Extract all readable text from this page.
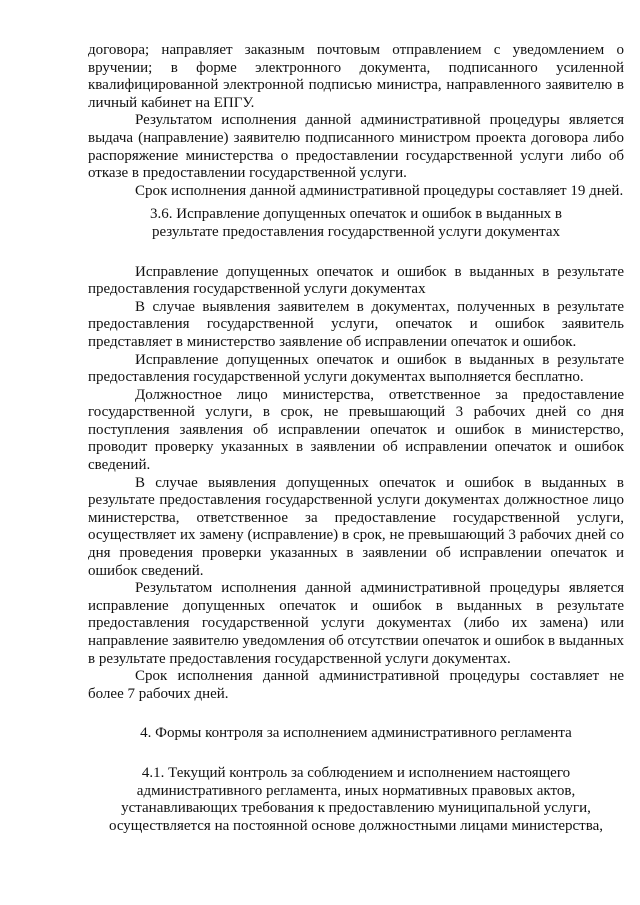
договора; направляет заказным почтовым отправлением с уведомлением о вручении; в форме электронного документа, подписанного усиленной квалифицированной электронной подписью министра, направленного заявителю в личный кабинет на ЕПГУ.

Результатом исполнения данной административной процедуры является выдача (направление) заявителю подписанного министром проекта договора либо распоряжение министерства о предоставлении государственной услуги либо об отказе в предоставлении государственной услуги.

Срок исполнения данной административной процедуры составляет 19 дней.

3.6. Исправление допущенных опечаток и ошибок в выданных в результате предоставления государственной услуги документах

Исправление допущенных опечаток и ошибок в выданных в результате предоставления государственной услуги документах

В случае выявления заявителем в документах, полученных в результате предоставления государственной услуги, опечаток и ошибок заявитель представляет в министерство заявление об исправлении опечаток и ошибок.

Исправление допущенных опечаток и ошибок в выданных в результате предоставления государственной услуги документах выполняется бесплатно.

Должностное лицо министерства, ответственное за предоставление государственной услуги, в срок, не превышающий 3 рабочих дней со дня поступления заявления об исправлении опечаток и ошибок в министерство, проводит проверку указанных в заявлении об исправлении опечаток и ошибок сведений.

В случае выявления допущенных опечаток и ошибок в выданных в результате предоставления государственной услуги документах должностное лицо министерства, ответственное за предоставление государственной услуги, осуществляет их замену (исправление) в срок, не превышающий 3 рабочих дней со дня проведения проверки указанных в заявлении об исправлении опечаток и ошибок сведений.

Результатом исполнения данной административной процедуры является исправление допущенных опечаток и ошибок в выданных в результате предоставления государственной услуги документах (либо их замена) или направление заявителю уведомления об отсутствии опечаток и ошибок в выданных в результате предоставления государственной услуги документах.

Срок исполнения данной административной процедуры составляет не более 7 рабочих дней.

4. Формы контроля за исполнением административного регламента

4.1. Текущий контроль за соблюдением и исполнением настоящего административного регламента, иных нормативных правовых актов, устанавливающих требования к предоставлению муниципальной услуги, осуществляется на постоянной основе должностными лицами министерства,
